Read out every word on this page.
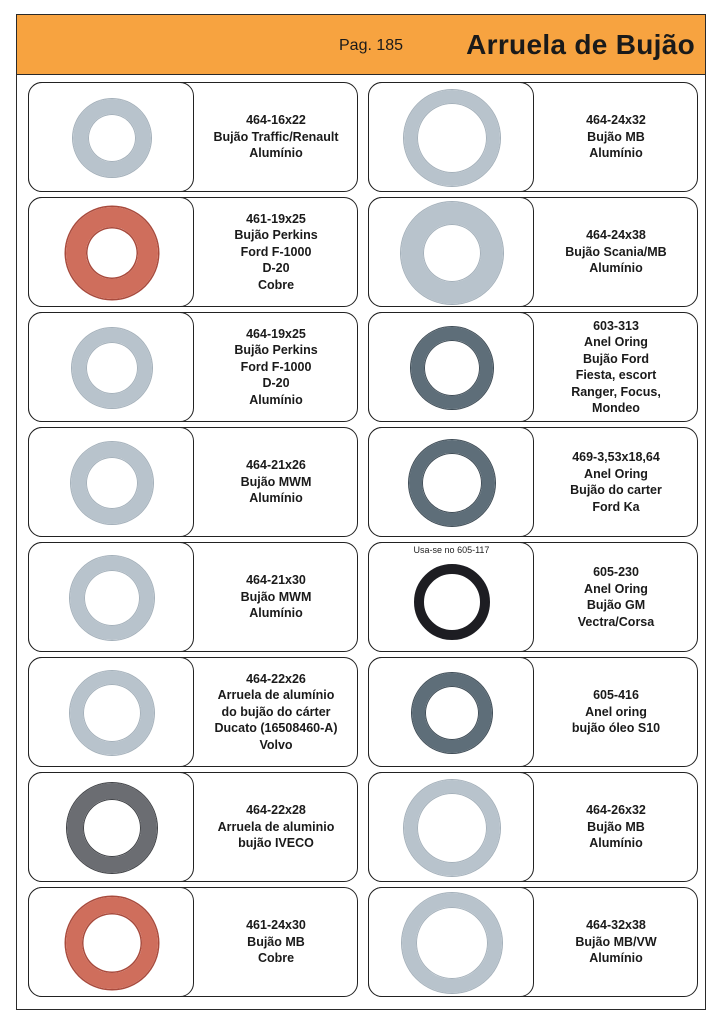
Pag. 185 Arruela de Bujão
464-16x22
Bujão Traffic/Renault
Alumínio
461-19x25
Bujão Perkins
Ford F-1000
D-20
Cobre
464-19x25
Bujão Perkins
Ford F-1000
D-20
Alumínio
464-21x26
Bujão MWM
Alumínio
464-21x30
Bujão MWM
Alumínio
464-22x26
Arruela de alumínio
do bujão do cárter
Ducato (16508460-A)
Volvo
464-22x28
Arruela de aluminio
bujão IVECO
461-24x30
Bujão MB
Cobre
464-24x32
Bujão MB
Alumínio
464-24x38
Bujão Scania/MB
Alumínio
603-313
Anel Oring
Bujão Ford
Fiesta, escort
Ranger, Focus,
Mondeo
469-3,53x18,64
Anel Oring
Bujão do carter
Ford Ka
Usa-se no 605-117
605-230
Anel Oring
Bujão GM
Vectra/Corsa
605-416
Anel oring
bujão óleo S10
464-26x32
Bujão MB
Alumínio
464-32x38
Bujão MB/VW
Alumínio
